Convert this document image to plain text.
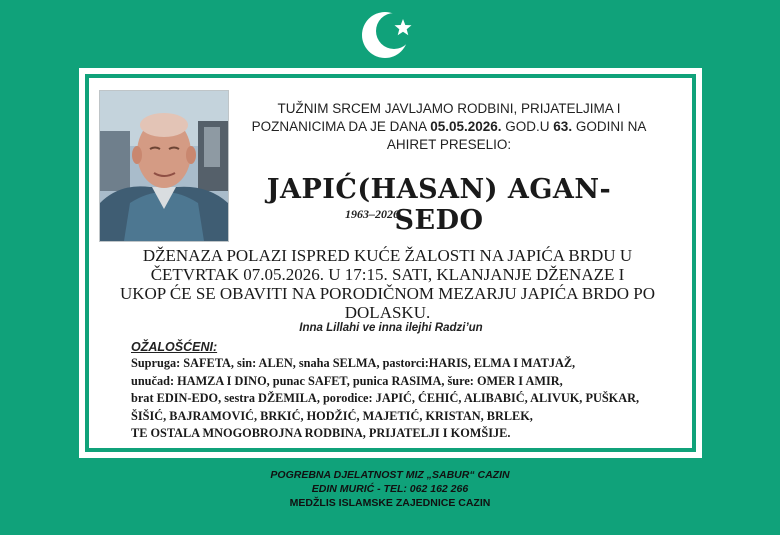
TUŽNIM SRCEM JAVLJAMO RODBINI, PRIJATELJIMA I
POZNANICIMA DA JE DANA 05.05.2026. GOD.U 63. GODINI NA
AHIRET PRESELIO:
JAPIĆ(HASAN) AGAN-SEDO
1963–2026
DŽENAZA POLAZI ISPRED KUĆE ŽALOSTI NA JAPIĆA BRDU U
ČETVRTAK 07.05.2026. U 17:15. SATI, KLANJANJE DŽENAZE I
UKOP ĆE SE OBAVITI NA PORODIČNOM MEZARJU JAPIĆA BRDO PO
DOLASKU.
Inna Lillahi ve inna ilejhi Radzi’un
OŽALOŠĆENI:
Supruga: SAFETA, sin: ALEN, snaha SELMA, pastorci:HARIS, ELMA I MATJAŽ,
unučad: HAMZA I DINO, punac SAFET, punica RASIMA, šure: OMER I AMIR,
brat EDIN-EDO, sestra DŽEMILA, porodice: JAPIĆ, ĆEHIĆ, ALIBABIĆ, ALIVUK, PUŠKAR,
ŠIŠIĆ, BAJRAMOVIĆ, BRKIĆ, HODŽIĆ, MAJETIĆ, KRISTAN, BRLEK,
TE OSTALA MNOGOBROJNA RODBINA, PRIJATELJI I KOMŠIJE.
POGREBNA DJELATNOST MIZ „SABUR“ CAZIN
EDIN MURIĆ - TEL: 062 162 266
MEDŽLIS ISLAMSKE ZAJEDNICE CAZIN
